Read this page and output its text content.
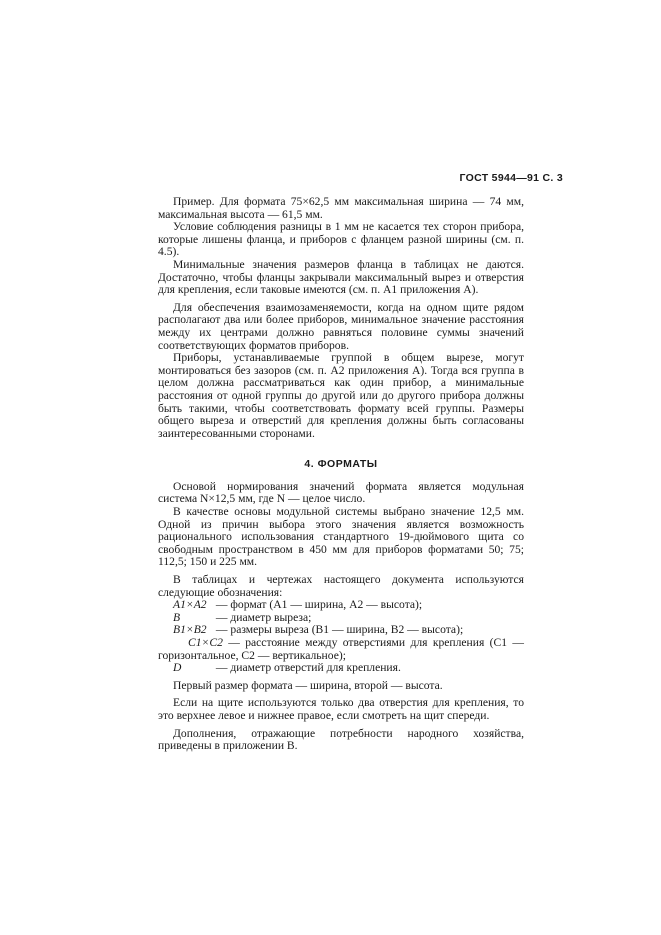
ГОСТ 5944—91 С. 3

Пример. Для формата 75×62,5 мм максимальная ширина — 74 мм, максимальная высота — 61,5 мм.

Условие соблюдения разницы в 1 мм не касается тех сторон прибора, которые лишены фланца, и приборов с фланцем разной ширины (см. п. 4.5).

Минимальные значения размеров фланца в таблицах не даются. Достаточно, чтобы фланцы закрывали максимальный вырез и отверстия для крепления, если таковые имеются (см. п. А1 приложения А).

Для обеспечения взаимозаменяемости, когда на одном щите рядом располагают два или более приборов, минимальное значение расстояния между их центрами должно равняться половине суммы значений соответствующих форматов приборов.

Приборы, устанавливаемые группой в общем вырезе, могут монтироваться без зазоров (см. п. А2 приложения А). Тогда вся группа в целом должна рассматриваться как один прибор, а минимальные расстояния от одной группы до другой или до другого прибора должны быть такими, чтобы соответствовать формату всей группы. Размеры общего выреза и отверстий для крепления должны быть согласованы заинтересованными сторонами.

4. ФОРМАТЫ

Основой нормирования значений формата является модульная система N×12,5 мм, где N — целое число.

В качестве основы модульной системы выбрано значение 12,5 мм. Одной из причин выбора этого значения является возможность рационального использования стандартного 19-дюймового щита со свободным пространством в 450 мм для приборов форматами 50; 75; 112,5; 150 и 225 мм.

В таблицах и чертежах настоящего документа используются следующие обозначения:

A1×A2 — формат (A1 — ширина, A2 — высота);

B	— диаметр выреза;

B1×B2 — размеры выреза (B1 — ширина, B2 — высота);

C1×C2 — расстояние между отверстиями для крепления (C1 — горизонтальное, C2 — вертикальное);

D	— диаметр отверстий для крепления.

Первый размер формата — ширина, второй — высота.

Если на щите используются только два отверстия для крепления, то это верхнее левое и нижнее правое, если смотреть на щит спереди.

Дополнения, отражающие потребности народного хозяйства, приведены в приложении В.
